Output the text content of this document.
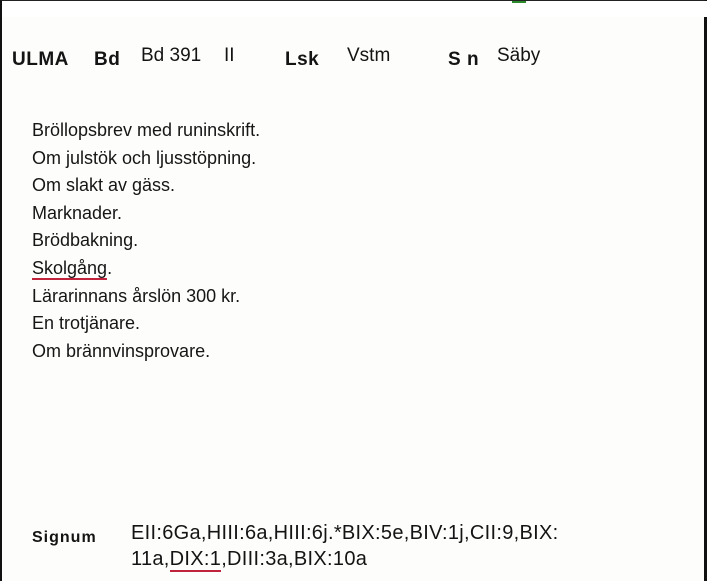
ULMA Bd Bd 391 II	Lsk Vstm	S n Säby
Bröllopsbrev med runinskrift.
Om julstök och ljusstöpning.
Om slakt av gäss.
Marknader.
Brödbakning.
Skolgång.
Lärarinnans årslön 300 kr.
En trotjänare.
Om brännvinsprovare.
Signum EII:6Ga,HIII:6a,HIII:6j.*BIX:5e,BIV:1j,CII:9,BIX:
11a,DIX:1,DIII:3a,BIX:10a
